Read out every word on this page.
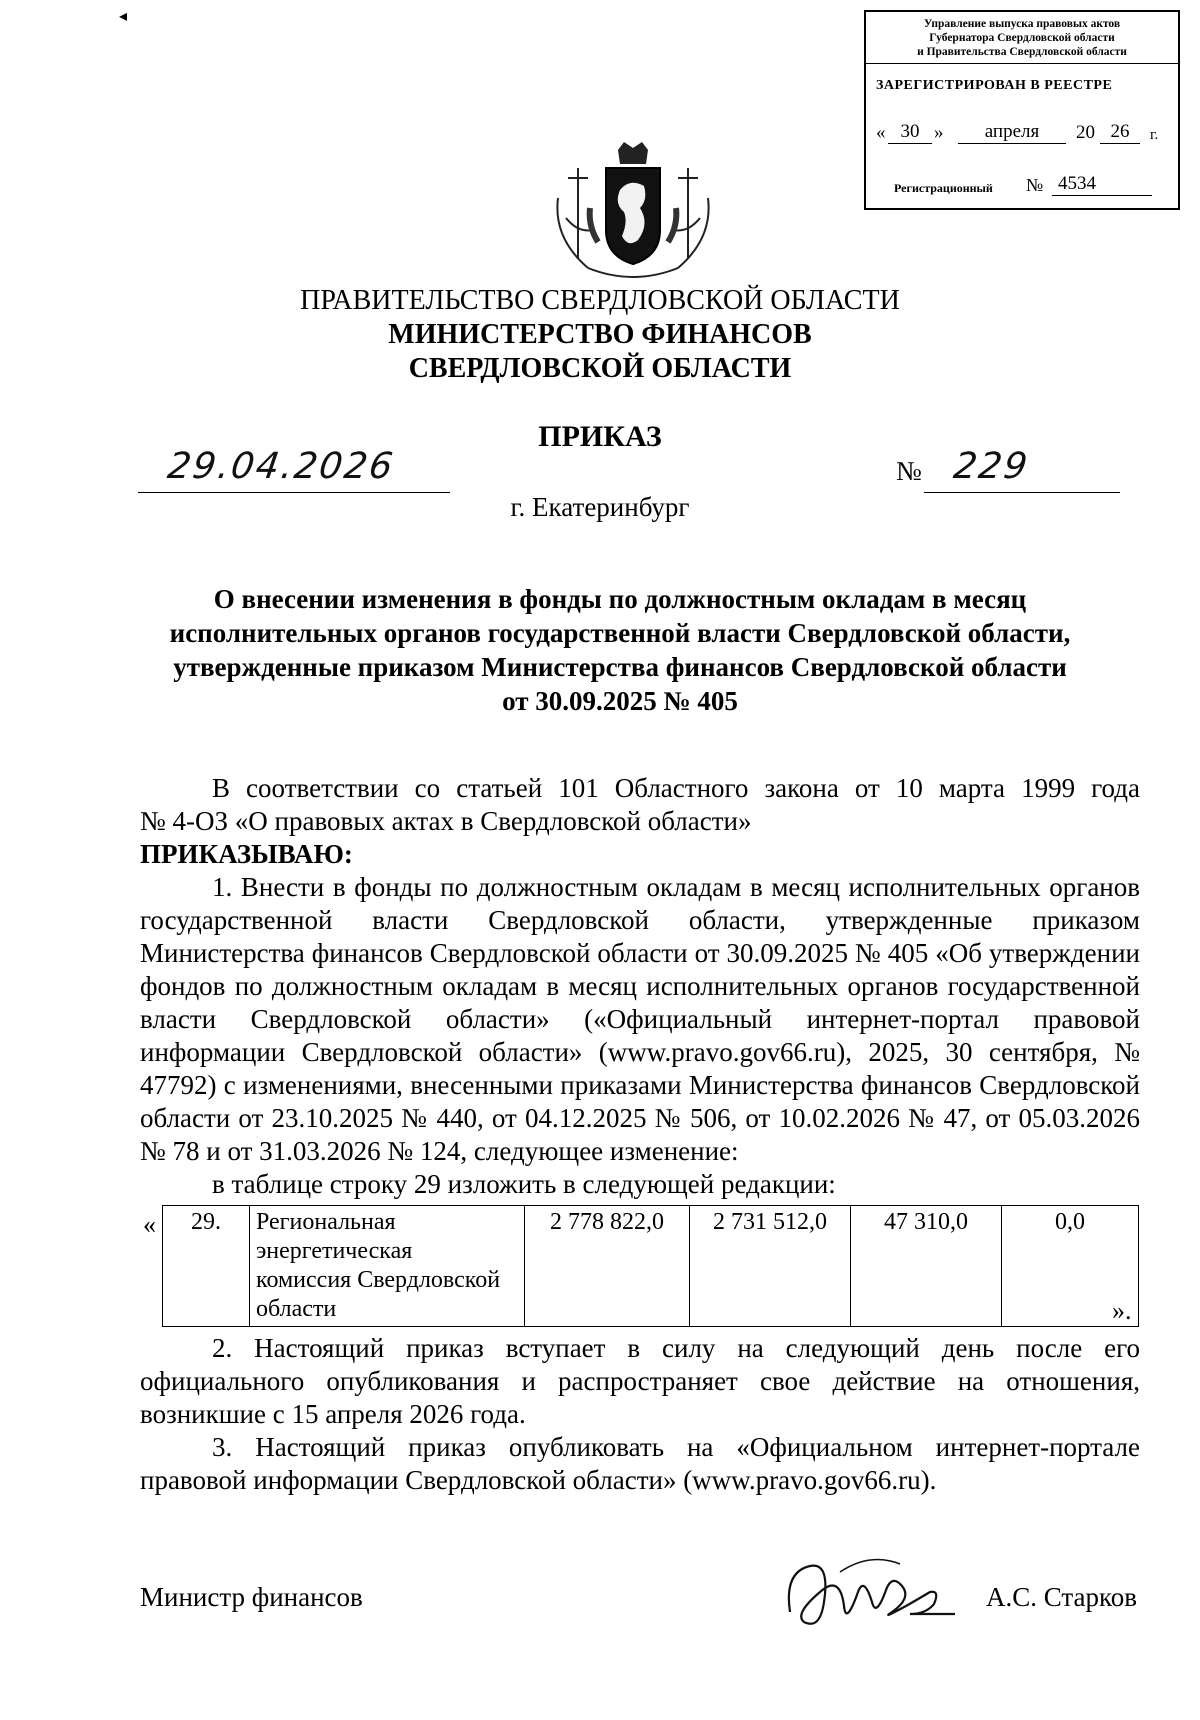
◂	Управление выпуска правовых актов
Губернатора Свердловской области
и Правительства Свердловской области
ЗАРЕГИСТРИРОВАН В РЕЕСТРЕ
« 30 »	апреля	20 26	г.
Регистрационный № 4534
ПРАВИТЕЛЬСТВО СВЕРДЛОВСКОЙ ОБЛАСТИ
МИНИСТЕРСТВО ФИНАНСОВ
СВЕРДЛОВСКОЙ ОБЛАСТИ
ПРИКАЗ
29.04.2026	№ 229
г. Екатеринбург
О внесении изменения в фонды по должностным окладам в месяц
исполнительных органов государственной власти Свердловской области,
утвержденные приказом Министерства финансов Свердловской области
от 30.09.2025 № 405

В соответствии со статьей 101 Областного закона от 10 марта 1999 года

№ 4-ОЗ «О правовых актах в Свердловской области»

ПРИКАЗЫВАЮ:

1. Внести в фонды по должностным окладам в месяц исполнительных органов государственной власти Свердловской области, утвержденные приказом Министерства финансов Свердловской области от 30.09.2025 № 405 «Об утверждении фондов по должностным окладам в месяц исполнительных органов государственной власти Свердловской области» («Официальный интернет-портал правовой информации Свердловской области» (www.pravo.gov66.ru), 2025, 30 сентября, № 47792) с изменениями, внесенными приказами Министерства финансов Свердловской области от 23.10.2025 № 440, от 04.12.2025 № 506, от 10.02.2026 № 47, от 05.03.2026 № 78 и от 31.03.2026 № 124, следующее изменение:

в таблице строку 29 изложить в следующей редакции:

« 29.	Региональная
энергетическая
комиссия Свердловской
области
	2 778 822,0	2 731 512,0	47 310,0	0,0
».

2. Настоящий приказ вступает в силу на следующий день после его официального опубликования и распространяет свое действие на отношения, возникшие с 15 апреля 2026 года.

3. Настоящий приказ опубликовать на «Официальном интернет-портале правовой информации Свердловской области» (www.pravo.gov66.ru).

Министр финансов	А.С. Старков
